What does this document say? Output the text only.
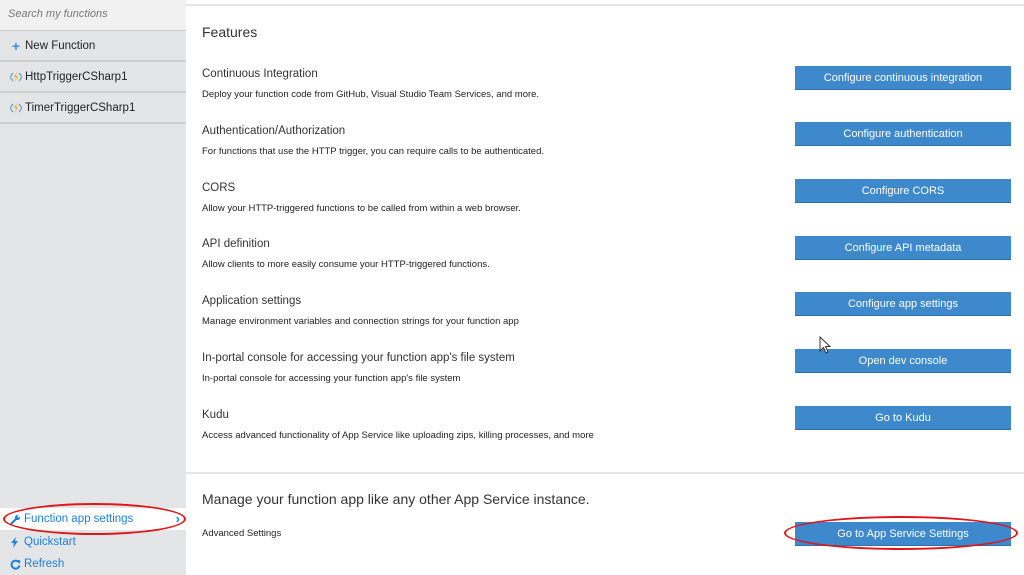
Search my functions
+ New Function
HttpTriggerCSharp1
TimerTriggerCSharp1
Function app settings	›
Quickstart
Refresh
Features
Continuous Integration
Deploy your function code from GitHub, Visual Studio Team Services, and more.
Configure continuous integration
Authentication/Authorization
For functions that use the HTTP trigger, you can require calls to be authenticated.
Configure authentication
CORS
Allow your HTTP-triggered functions to be called from within a web browser.
Configure CORS
API definition
Allow clients to more easily consume your HTTP-triggered functions.
Configure API metadata
Application settings
Manage environment variables and connection strings for your function app
Configure app settings
In-portal console for accessing your function app's file system
In-portal console for accessing your function app's file system
Open dev console
Kudu
Access advanced functionality of App Service like uploading zips, killing processes, and more
Go to Kudu
Manage your function app like any other App Service instance.
Advanced Settings	Go to App Service Settings
